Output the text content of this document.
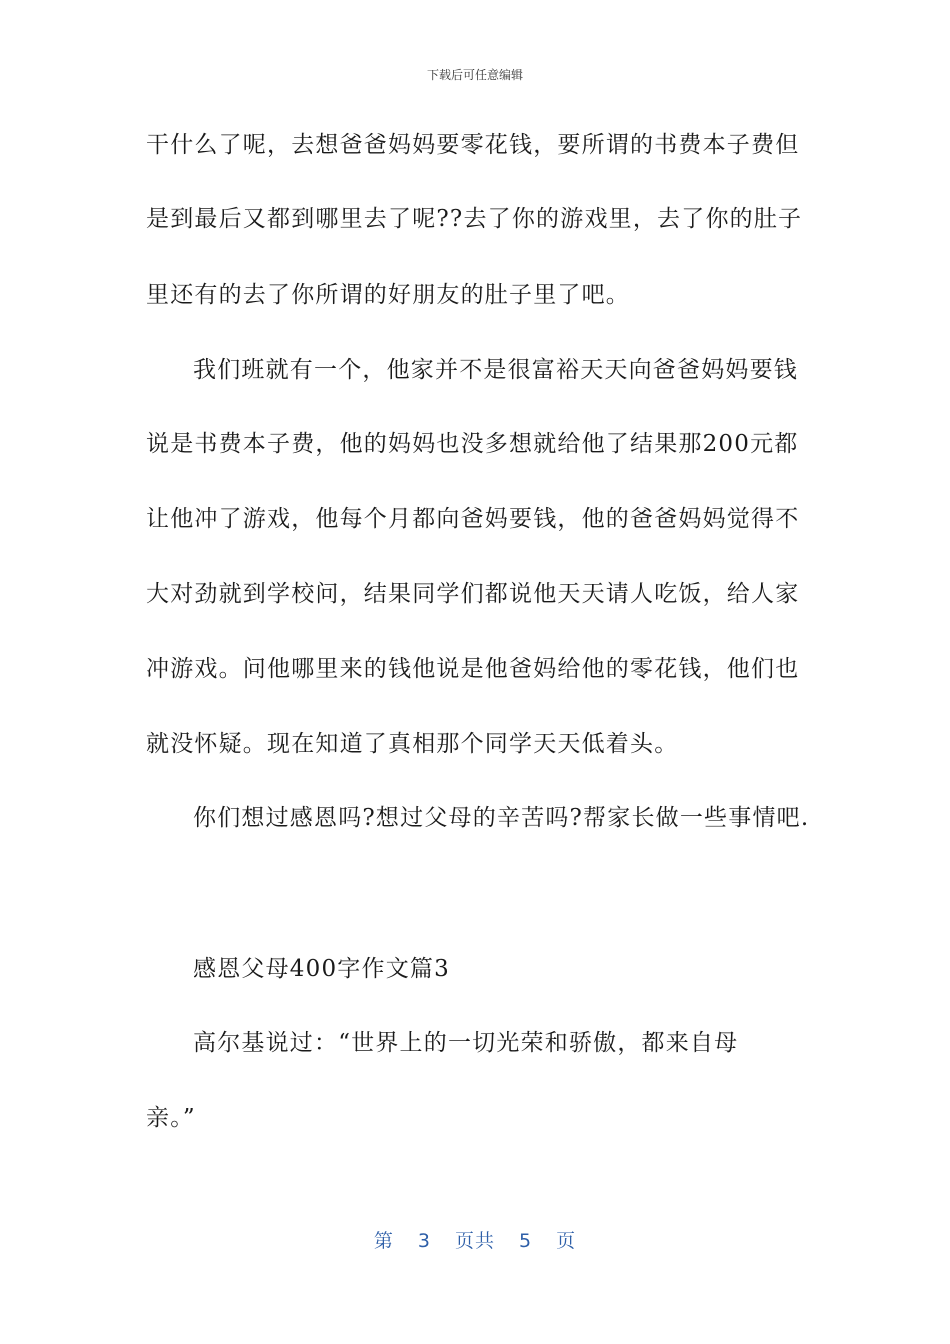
下载后可任意编辑
干什么了呢，去想爸爸妈妈要零花钱，要所谓的书费本子费但
是到最后又都到哪里去了呢??去了你的游戏里，去了你的肚子
里还有的去了你所谓的好朋友的肚子里了吧。
我们班就有一个，他家并不是很富裕天天向爸爸妈妈要钱
说是书费本子费，他的妈妈也没多想就给他了结果那200元都
让他冲了游戏，他每个月都向爸妈要钱，他的爸爸妈妈觉得不
大对劲就到学校问，结果同学们都说他天天请人吃饭，给人家
冲游戏。问他哪里来的钱他说是他爸妈给他的零花钱，他们也
就没怀疑。现在知道了真相那个同学天天低着头。
你们想过感恩吗?想过父母的辛苦吗?帮家长做一些事情吧.
感恩父母400字作文篇3
高尔基说过：“世界上的一切光荣和骄傲，都来自母
亲。”
第 3 页共 5 页
